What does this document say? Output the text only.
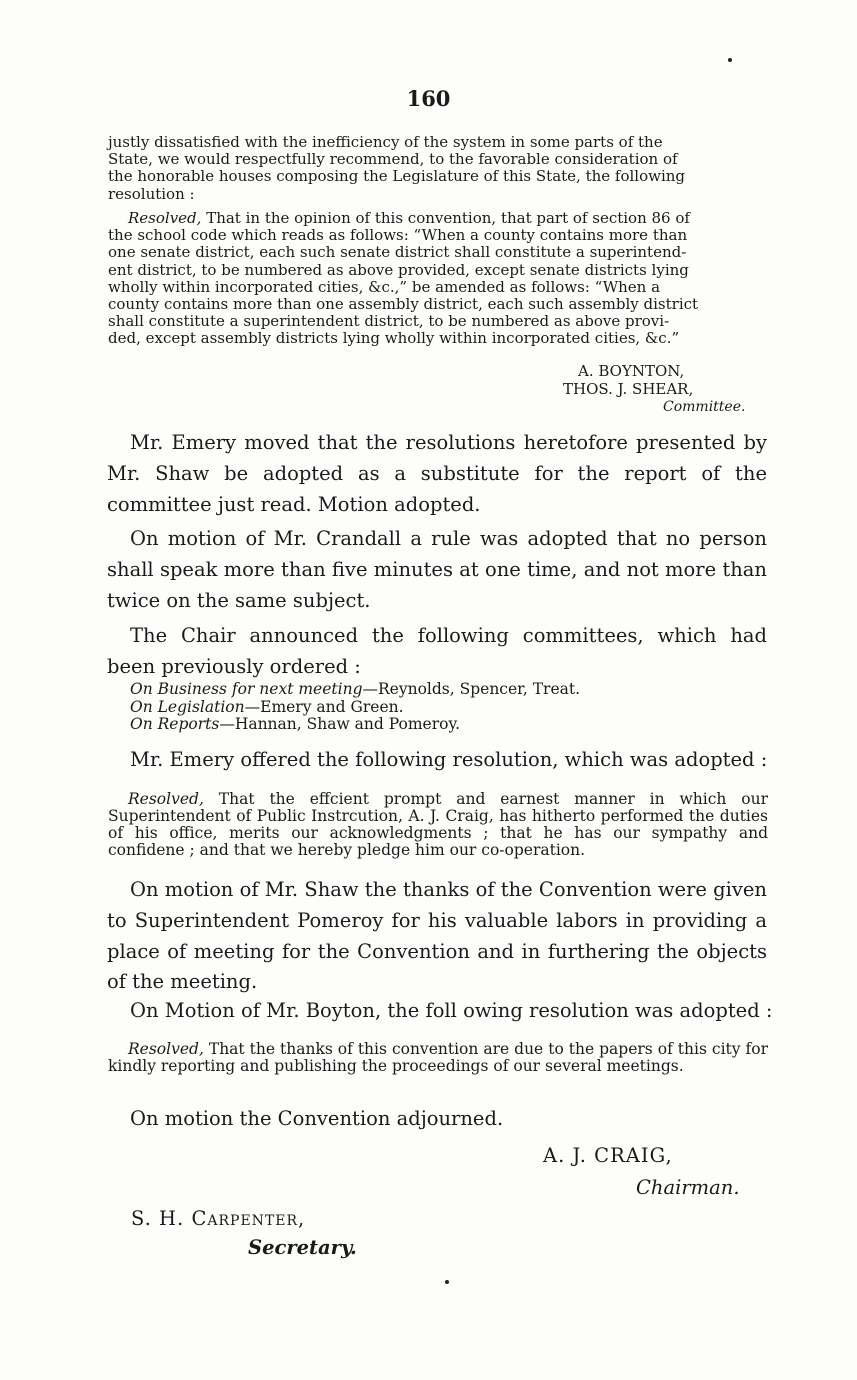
160
justly dissatisfied with the inefficiency of the system in some parts of the
State, we would respectfully recommend, to the favorable consideration of
the honorable houses composing the Legislature of this State, the following
resolution :
Resolved, That in the opinion of this convention, that part of section 86 of
the school code which reads as follows: “When a county contains more than
one senate district, each such senate district shall constitute a superintend-
ent district, to be numbered as above provided, except senate districts lying
wholly within incorporated cities, &c.,” be amended as follows: “When a
county contains more than one assembly district, each such assembly district
shall constitute a superintendent district, to be numbered as above provi-
ded, except assembly districts lying wholly within incorporated cities, &c.”
A. BOYNTON,
THOS. J. SHEAR,
Committee.

Mr. Emery moved that the resolutions heretofore presented by Mr. Shaw be adopted as a substitute for the report of the committee just read. Motion adopted.

On motion of Mr. Crandall a rule was adopted that no person shall speak more than five minutes at one time, and not more than twice on the same subject.

The Chair announced the following committees, which had been previously ordered :

On Business for next meeting—Reynolds, Spencer, Treat.
On Legislation—Emery and Green.
On Reports—Hannan, Shaw and Pomeroy.
Mr. Emery offered the following resolution, which was adopted :
Resolved, That the effcient prompt and earnest manner in which our Superintendent of Public Instrcution, A. J. Craig, has hitherto performed the duties of his office, merits our acknowledgments ; that he has our sympathy and confidene ; and that we hereby pledge him our co-operation.

On motion of Mr. Shaw the thanks of the Convention were given to Superintendent Pomeroy for his valuable labors in providing a place of meeting for the Convention and in furthering the objects of the meeting.

On Motion of Mr. Boyton, the foll owing resolution was adopted :
Resolved, That the thanks of this convention are due to the papers of this city for kindly reporting and publishing the proceedings of our several meetings.
On motion the Convention adjourned.
A. J. CRAIG,
Chairman.
S. H. Carpenter,
Secretary.
